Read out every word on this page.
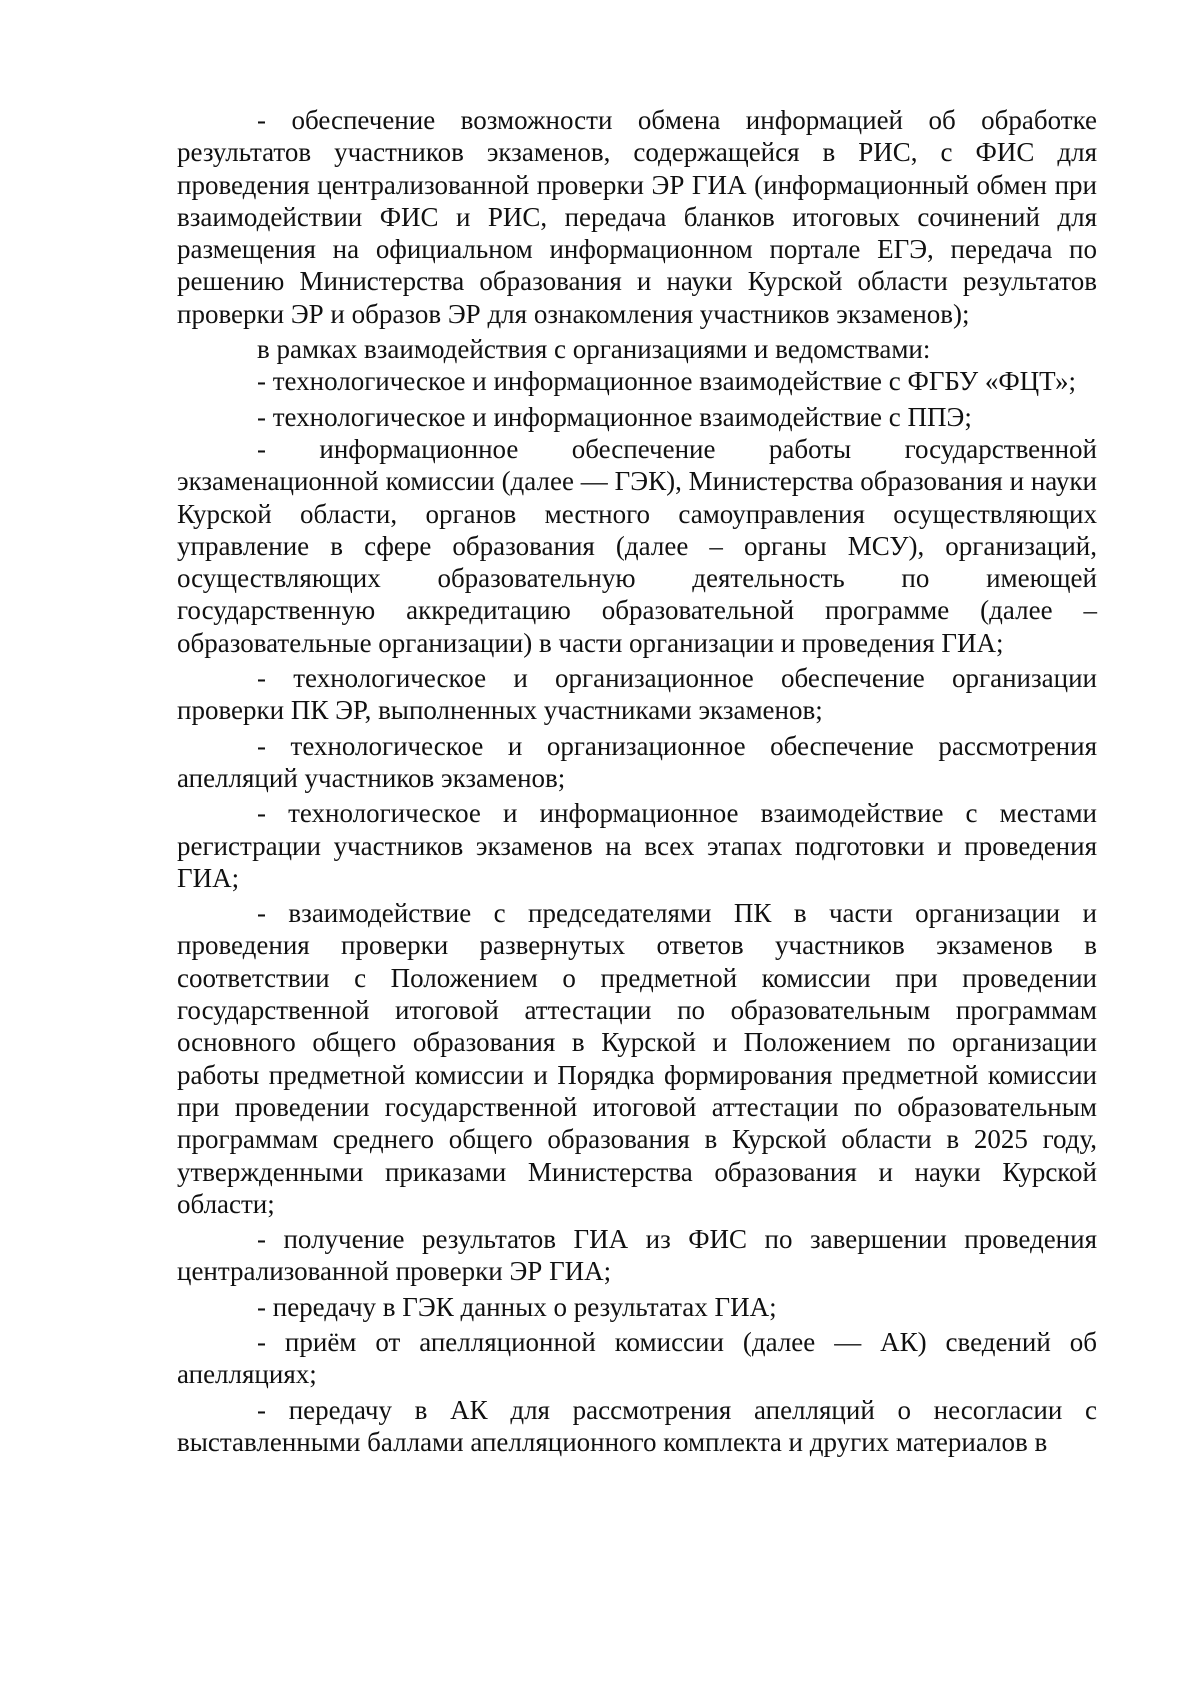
- обеспечение возможности обмена информацией об обработке результатов участников экзаменов, содержащейся в РИС, с ФИС для проведения централизованной проверки ЭР ГИА (информационный обмен при взаимодействии ФИС и РИС, передача бланков итоговых сочинений для размещения на официальном информационном портале ЕГЭ, передача по решению Министерства образования и науки Курской области результатов проверки ЭР и образов ЭР для ознакомления участников экзаменов);

в рамках взаимодействия с организациями и ведомствами:

- технологическое и информационное взаимодействие с ФГБУ «ФЦТ»;

- технологическое и информационное взаимодействие с ППЭ;

- информационное обеспечение работы государственной экзаменационной комиссии (далее — ГЭК), Министерства образования и науки Курской области, органов местного самоуправления осуществляющих управление в сфере образования (далее – органы МСУ), организаций, осуществляющих образовательную деятельность по имеющей государственную аккредитацию образовательной программе (далее – образовательные организации) в части организации и проведения ГИА;

- технологическое и организационное обеспечение организации проверки ПК ЭР, выполненных участниками экзаменов;

- технологическое и организационное обеспечение рассмотрения апелляций участников экзаменов;

- технологическое и информационное взаимодействие с местами регистрации участников экзаменов на всех этапах подготовки и проведения ГИА;

- взаимодействие с председателями ПК в части организации и проведения проверки развернутых ответов участников экзаменов в соответствии с Положением о предметной комиссии при проведении государственной итоговой аттестации по образовательным программам основного общего образования в Курской и Положением по организации работы предметной комиссии и Порядка формирования предметной комиссии при проведении государственной итоговой аттестации по образовательным программам среднего общего образования в Курской области в 2025 году, утвержденными приказами Министерства образования и науки Курской области;

- получение результатов ГИА из ФИС по завершении проведения централизованной проверки ЭР ГИА;

- передачу в ГЭК данных о результатах ГИА;

- приём от апелляционной комиссии (далее — АК) сведений об апелляциях;

- передачу в АК для рассмотрения апелляций о несогласии с выставленными баллами апелляционного комплекта и других материалов в
